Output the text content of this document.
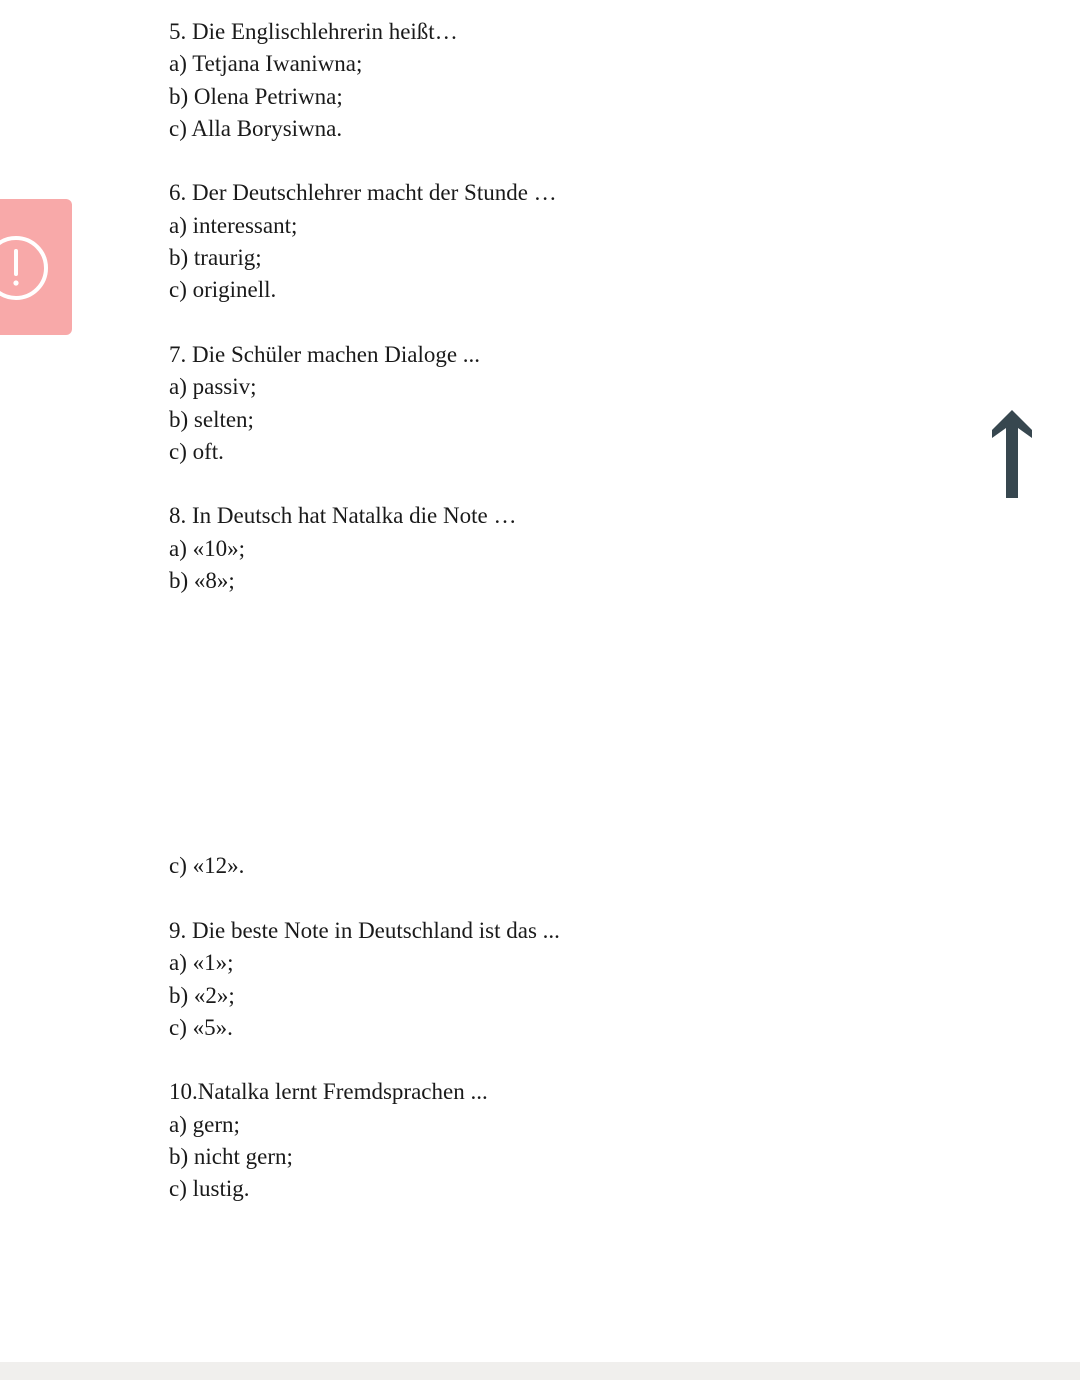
5. Die Englischlehrerin heißt…
a) Tetjana Iwaniwna;
b) Olena Petriwna;
c) Alla Borysiwna.
6. Der Deutschlehrer macht der Stunde …
a) interessant;
b) traurig;
c) originell.
7. Die Schüler machen Dialoge ...
a) passiv;
b) selten;
c) oft.
8. In Deutsch hat Natalka die Note …
a) «10»;
b) «8»;
c) «12».
9. Die beste Note in Deutschland ist das ...
a) «1»;
b) «2»;
c) «5».
10.Natalka lernt Fremdsprachen ...
a) gern;
b) nicht gern;
c) lustig.
